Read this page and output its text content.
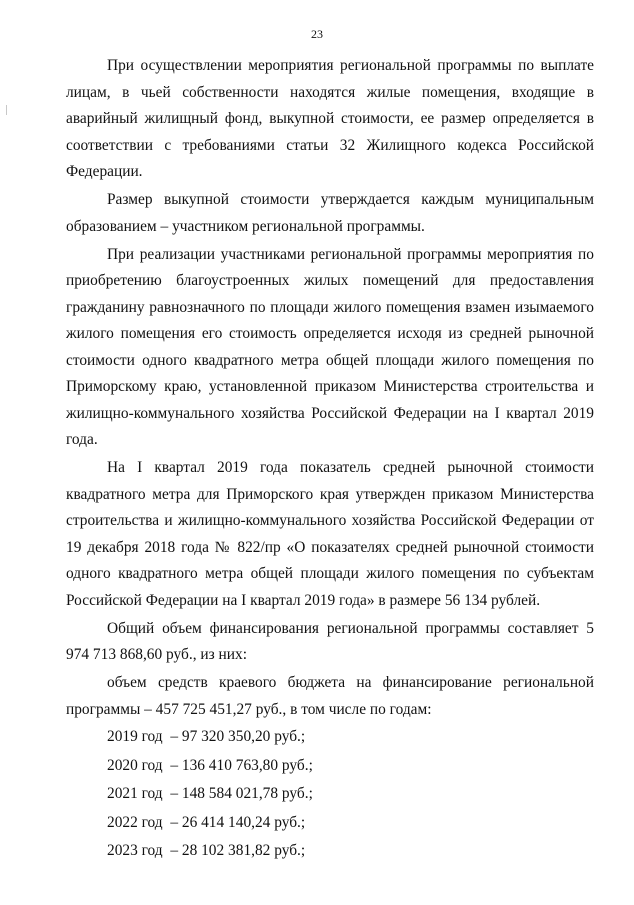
23

При осуществлении мероприятия региональной программы по выплате лицам, в чьей собственности находятся жилые помещения, входящие в аварийный жилищный фонд, выкупной стоимости, ее размер определяется в соответствии с требованиями статьи 32 Жилищного кодекса Российской Федерации.

Размер выкупной стоимости утверждается каждым муниципальным образованием – участником региональной программы.

При реализации участниками региональной программы мероприятия по приобретению благоустроенных жилых помещений для предоставления гражданину равнозначного по площади жилого помещения взамен изымаемого жилого помещения его стоимость определяется исходя из средней рыночной стоимости одного квадратного метра общей площади жилого помещения по Приморскому краю, установленной приказом Министерства строительства и жилищно-коммунального хозяйства Российской Федерации на I квартал 2019 года.

На I квартал 2019 года показатель средней рыночной стоимости квадратного метра для Приморского края утвержден приказом Министерства строительства и жилищно-коммунального хозяйства Российской Федерации от 19 декабря 2018 года № 822/пр «О показателях средней рыночной стоимости одного квадратного метра общей площади жилого помещения по субъектам Российской Федерации на I квартал 2019 года» в размере 56 134 рублей.

Общий объем финансирования региональной программы составляет 5 974 713 868,60 руб., из них:

объем средств краевого бюджета на финансирование региональной программы – 457 725 451,27 руб., в том числе по годам:

2019 год  – 97 320 350,20 руб.;
2020 год  – 136 410 763,80 руб.;
2021 год  – 148 584 021,78 руб.;
2022 год  – 26 414 140,24 руб.;
2023 год  – 28 102 381,82 руб.;
